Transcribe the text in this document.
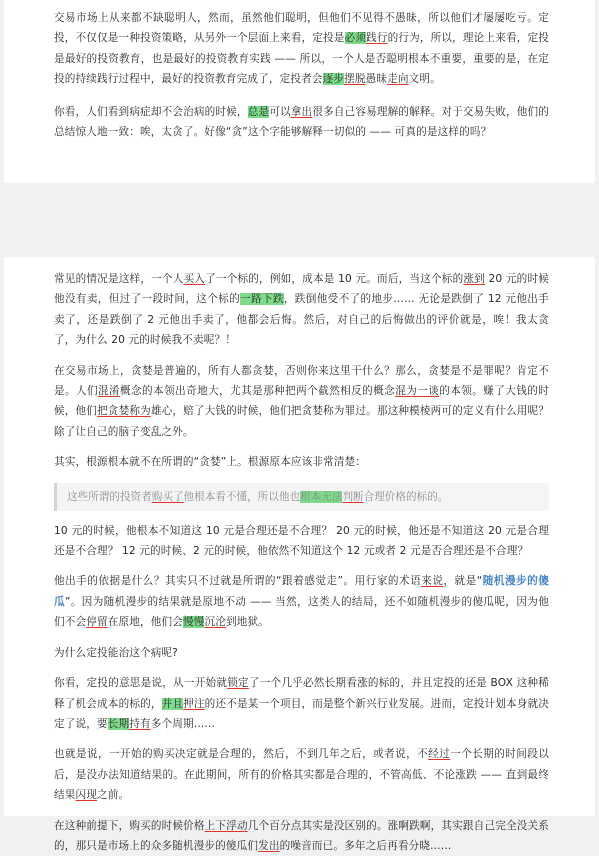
交易市场上从来都不缺聪明人，然而，虽然他们聪明，但他们不见得不愚昧，所以他们才屡屡吃亏。定投，不仅仅是一种投资策略，从另外一个层面上来看，定投是必须践行的行为，所以，理论上来看，定投是最好的投资教育，也是最好的投资教育实践 —— 所以，一个人是否聪明根本不重要，重要的是，在定投的持续践行过程中，最好的投资教育完成了，定投者会逐步摆脱愚昧走向文明。

你看，人们看到病症却不会治病的时候，总是可以拿出很多自己容易理解的解释。对于交易失败，他们的总结惊人地一致：唉，太贪了。好像“贪”这个字能够解释一切似的 —— 可真的是这样的吗？

常见的情况是这样，一个人买入了一个标的，例如，成本是 10 元。而后，当这个标的涨到 20 元的时候他没有卖，但过了一段时间，这个标的一路下跌，跌倒他受不了的地步…… 无论是跌倒了 12 元他出手卖了，还是跌倒了 2 元他出手卖了，他都会后悔。然后，对自己的后悔做出的评价就是，唉！我太贪了，为什么 20 元的时候我不卖呢？！

在交易市场上，贪婪是普遍的，所有人都贪婪，否则你来这里干什么？那么，贪婪是不是罪呢？肯定不是。人们混淆概念的本领出奇地大，尤其是那种把两个截然相反的概念混为一谈的本领。赚了大钱的时候，他们把贪婪称为雄心，赔了大钱的时候，他们把贪婪称为罪过。那这种模棱两可的定义有什么用呢？除了让自己的脑子变乱之外。

其实，根源根本就不在所谓的“贪婪”上。根源原本应该非常清楚：

这些所谓的投资者购买了他根本看不懂，所以他也根本无法判断合理价格的标的。

10 元的时候，他根本不知道这 10 元是合理还是不合理？ 20 元的时候，他还是不知道这 20 元是合理还是不合理？ 12 元的时候、2 元的时候，他依然不知道这个 12 元或者 2 元是否合理还是不合理？

他出手的依据是什么？其实只不过就是所谓的“跟着感觉走”。用行家的术语来说，就是“随机漫步的傻瓜”。因为随机漫步的结果就是原地不动 —— 当然，这类人的结局，还不如随机漫步的傻瓜呢，因为他们不会停留在原地，他们会慢慢沉沦到地狱。

为什么定投能治这个病呢?

你看，定投的意思是说，从一开始就锁定了一个几乎必然长期看涨的标的，并且定投的还是 BOX 这种稀释了机会成本的标的，并且押注的还不是某一个项目，而是整个新兴行业发展。进而，定投计划本身就决定了说，要长期持有多个周期……

也就是说，一开始的购买决定就是合理的，然后，不到几年之后，或者说，不经过一个长期的时间段以后，是没办法知道结果的。在此期间，所有的价格其实都是合理的，不管高低、不论涨跌 —— 直到最终结果闪现之前。

在这种前提下，购买的时候价格上下浮动几个百分点其实是没区别的。涨啊跌啊，其实跟自己完全没关系的，那只是市场上的众多随机漫步的傻瓜们发出的噪音而已。多年之后再看分晓……
